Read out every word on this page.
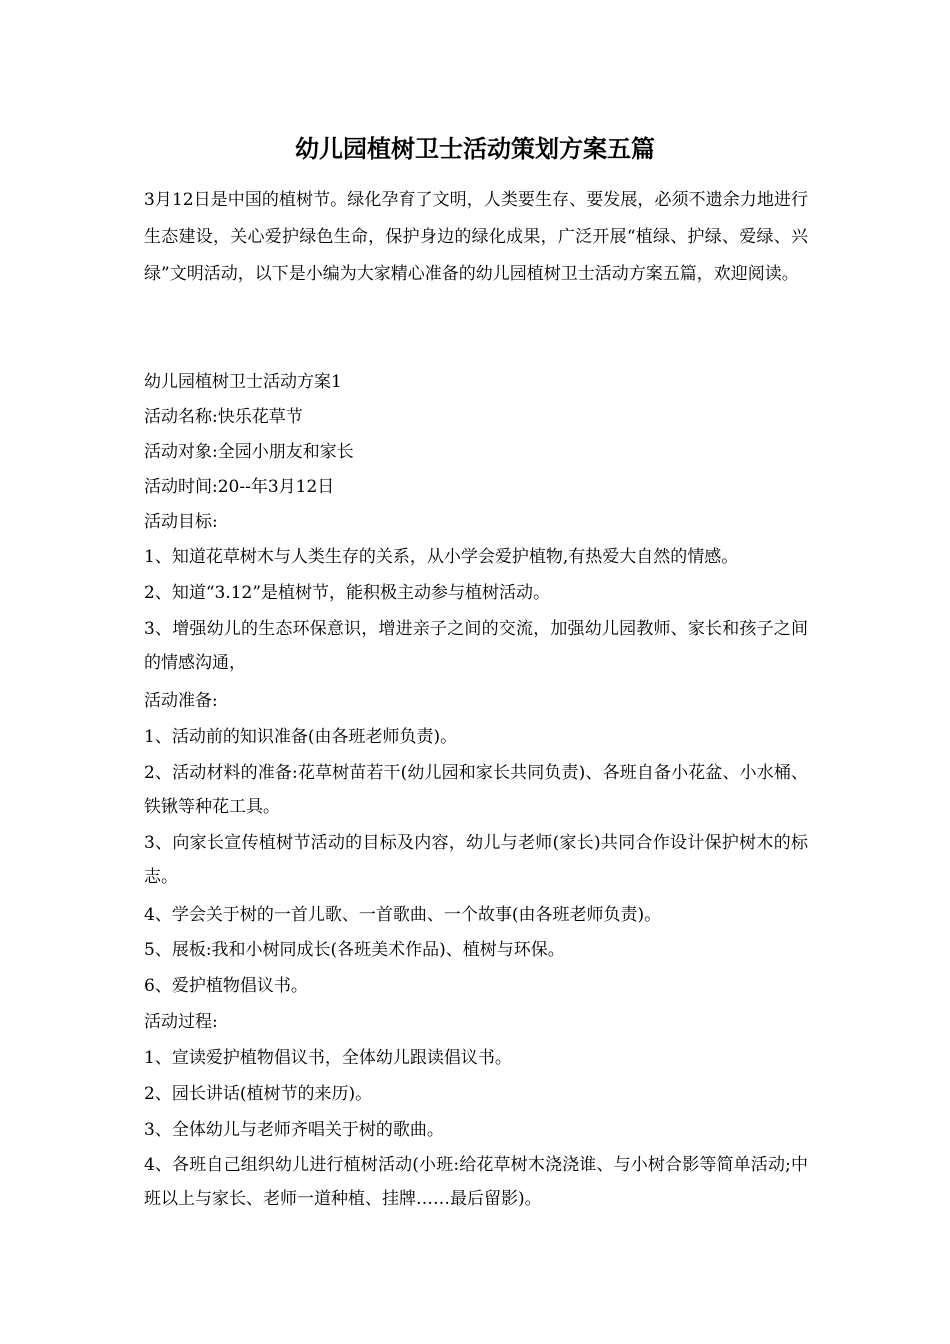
幼儿园植树卫士活动策划方案五篇

3月12日是中国的植树节。绿化孕育了文明，人类要生存、要发展，必须不遗余力地进行生态建设，关心爱护绿色生命，保护身边的绿化成果，广泛开展“植绿、护绿、爱绿、兴绿”文明活动，以下是小编为大家精心准备的幼儿园植树卫士活动方案五篇，欢迎阅读。

幼儿园植树卫士活动方案1

活动名称:快乐花草节

活动对象:全园小朋友和家长

活动时间:20--年3月12日

活动目标:

1、知道花草树木与人类生存的关系，从小学会爱护植物,有热爱大自然的情感。

2、知道“3.12”是植树节，能积极主动参与植树活动。

3、增强幼儿的生态环保意识，增进亲子之间的交流，加强幼儿园教师、家长和孩子之间的情感沟通，

活动准备:

1、活动前的知识准备(由各班老师负责)。

2、活动材料的准备:花草树苗若干(幼儿园和家长共同负责)、各班自备小花盆、小水桶、铁锹等种花工具。

3、向家长宣传植树节活动的目标及内容，幼儿与老师(家长)共同合作设计保护树木的标志。

4、学会关于树的一首儿歌、一首歌曲、一个故事(由各班老师负责)。

5、展板:我和小树同成长(各班美术作品)、植树与环保。

6、爱护植物倡议书。

活动过程:

1、宣读爱护植物倡议书，全体幼儿跟读倡议书。

2、园长讲话(植树节的来历)。

3、全体幼儿与老师齐唱关于树的歌曲。

4、各班自己组织幼儿进行植树活动(小班:给花草树木浇浇谁、与小树合影等简单活动;中班以上与家长、老师一道种植、挂牌……最后留影)。
